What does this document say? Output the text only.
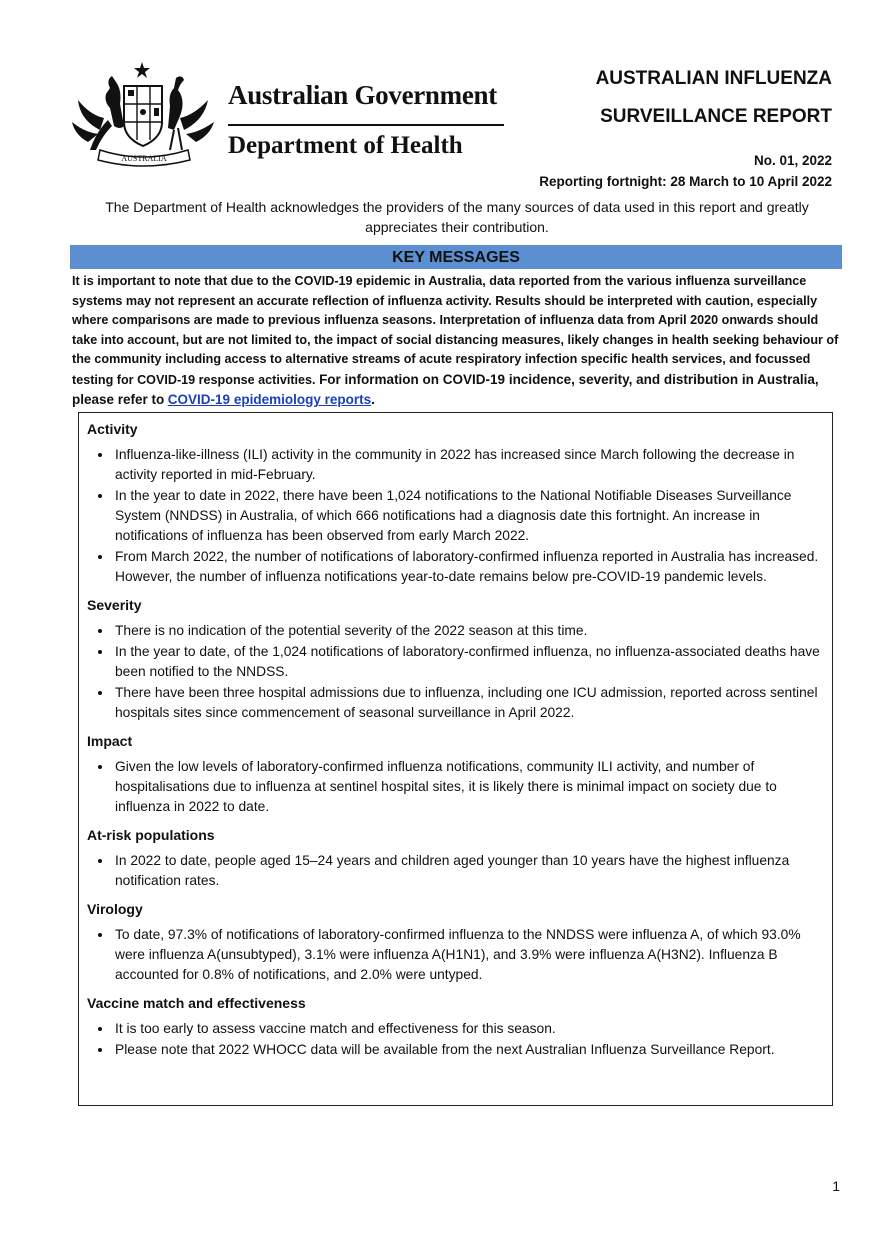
AUSTRALIA
Australian Government
Department of Health
AUSTRALIAN INFLUENZA
SURVEILLANCE REPORT
No. 01, 2022
Reporting fortnight: 28 March to 10 April 2022
The Department of Health acknowledges the providers of the many sources of data used in this report and greatly appreciates their contribution.
KEY MESSAGES
It is important to note that due to the COVID-19 epidemic in Australia, data reported from the various influenza surveillance systems may not represent an accurate reflection of influenza activity. Results should be interpreted with caution, especially where comparisons are made to previous influenza seasons. Interpretation of influenza data from April 2020 onwards should take into account, but are not limited to, the impact of social distancing measures, likely changes in health seeking behaviour of the community including access to alternative streams of acute respiratory infection specific health services, and focussed testing for COVID-19 response activities. For information on COVID-19 incidence, severity, and distribution in Australia, please refer to COVID-19 epidemiology reports.
Activity
• Influenza-like-illness (ILI) activity in the community in 2022 has increased since March following the decrease in activity reported in mid-February.
• In the year to date in 2022, there have been 1,024 notifications to the National Notifiable Diseases Surveillance System (NNDSS) in Australia, of which 666 notifications had a diagnosis date this fortnight. An increase in notifications of influenza has been observed from early March 2022.
• From March 2022, the number of notifications of laboratory-confirmed influenza reported in Australia has increased. However, the number of influenza notifications year-to-date remains below pre-COVID-19 pandemic levels.
Severity
• There is no indication of the potential severity of the 2022 season at this time.
• In the year to date, of the 1,024 notifications of laboratory-confirmed influenza, no influenza-associated deaths have been notified to the NNDSS.
• There have been three hospital admissions due to influenza, including one ICU admission, reported across sentinel hospitals sites since commencement of seasonal surveillance in April 2022.
Impact
• Given the low levels of laboratory-confirmed influenza notifications, community ILI activity, and number of hospitalisations due to influenza at sentinel hospital sites, it is likely there is minimal impact on society due to influenza in 2022 to date.
At-risk populations
• In 2022 to date, people aged 15–24 years and children aged younger than 10 years have the highest influenza notification rates.
Virology
• To date, 97.3% of notifications of laboratory-confirmed influenza to the NNDSS were influenza A, of which 93.0% were influenza A(unsubtyped), 3.1% were influenza A(H1N1), and 3.9% were influenza A(H3N2). Influenza B accounted for 0.8% of notifications, and 2.0% were untyped.
Vaccine match and effectiveness
• It is too early to assess vaccine match and effectiveness for this season.
• Please note that 2022 WHOCC data will be available from the next Australian Influenza Surveillance Report.
1
